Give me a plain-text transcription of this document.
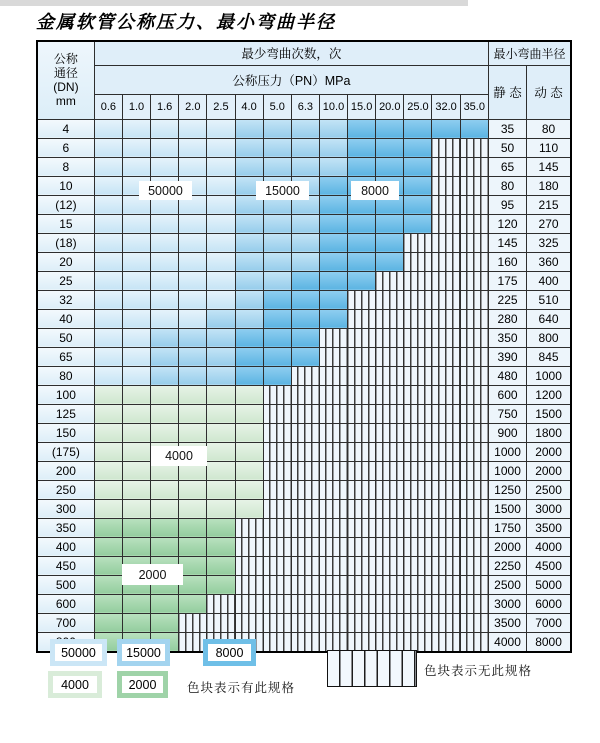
金属软管公称压力、最小弯曲半径
公称
通径
(DN)
mm	最少弯曲次数，次														最小弯曲半径	
	公称压力（PN）MPa														静 态	动 态
	0.6	1.0	1.6	2.0	2.5	4.0	5.0	6.3	10.0	15.0	20.0	25.0	32.0	35.0		
4															35	80
6															50	110
8															65	145
10															80	180
(12)															95	215
15															120	270
(18)															145	325
20															160	360
25															175	400
32															225	510
40															280	640
50															350	800
65															390	845
80															480	1000
100															600	1200
125															750	1500
150															900	1800
(175)															1000	2000
200															1000	2000
250															1250	2500
300															1500	3000
350															1750	3500
400															2000	4000
450															2250	4500
500															2500	5000
600															3000	6000
700															3500	7000
															4000	8000
50000	15000	8000
4000
2000
50000	15000	8000
4000	2000	色块表示有此规格
色块表示无此规格
